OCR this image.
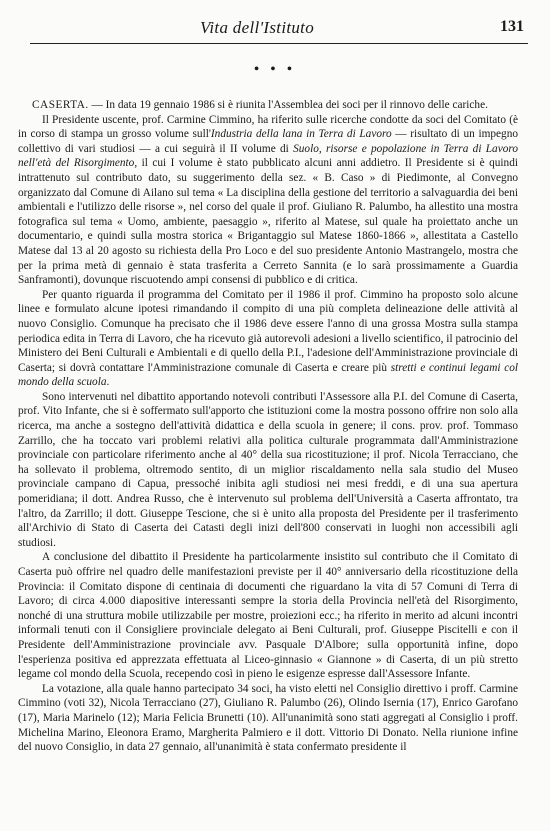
Vita dell'Istituto	131
• • •

CASERTA. — In data 19 gennaio 1986 si è riunita l'Assemblea dei soci per il rinnovo delle cariche.

Il Presidente uscente, prof. Carmine Cimmino, ha riferito sulle ricerche condotte da soci del Comitato (è in corso di stampa un grosso volume sull'Industria della lana in Terra di Lavoro — risultato di un impegno collettivo di vari studiosi — a cui seguirà il II volume di Suolo, risorse e popolazione in Terra di Lavoro nell'età del Risorgimento, il cui I volume è stato pubblicato alcuni anni addietro. Il Presidente si è quindi intrattenuto sul contributo dato, su suggerimento della sez. « B. Caso » di Piedimonte, al Convegno organizzato dal Comune di Ailano sul tema « La disciplina della gestione del territorio a salvaguardia dei beni ambientali e l'utilizzo delle risorse », nel corso del quale il prof. Giuliano R. Palumbo, ha allestito una mostra fotografica sul tema « Uomo, ambiente, paesaggio », riferito al Matese, sul quale ha proiettato anche un documentario, e quindi sulla mostra storica « Brigantaggio sul Matese 1860-1866 », allestitata a Castello Matese dal 13 al 20 agosto su richiesta della Pro Loco e del suo presidente Antonio Mastrangelo, mostra che per la prima metà di gennaio è stata trasferita a Cerreto Sannita (e lo sarà prossimamente a Guardia Sanframonti), dovunque riscuotendo ampi consensi di pubblico e di critica.

Per quanto riguarda il programma del Comitato per il 1986 il prof. Cimmino ha proposto solo alcune linee e formulato alcune ipotesi rimandando il compito di una più completa delineazione delle attività al nuovo Consiglio. Comunque ha precisato che il 1986 deve essere l'anno di una grossa Mostra sulla stampa periodica edita in Terra di Lavoro, che ha ricevuto già autorevoli adesioni a livello scientifico, il patrocinio del Ministero dei Beni Culturali e Ambientali e di quello della P.I., l'adesione dell'Amministrazione provinciale di Caserta; si dovrà contattare l'Amministrazione comunale di Caserta e creare più stretti e continui legami col mondo della scuola.

Sono intervenuti nel dibattito apportando notevoli contributi l'Assessore alla P.I. del Comune di Caserta, prof. Vito Infante, che si è soffermato sull'apporto che istituzioni come la mostra possono offrire non solo alla ricerca, ma anche a sostegno dell'attività didattica e della scuola in genere; il cons. prov. prof. Tommaso Zarrillo, che ha toccato vari problemi relativi alla politica culturale programmata dall'Amministrazione provinciale con particolare riferimento anche al 40° della sua ricostituzione; il prof. Nicola Terracciano, che ha sollevato il problema, oltremodo sentito, di un miglior riscaldamento nella sala studio del Museo provinciale campano di Capua, pressoché inibita agli studiosi nei mesi freddi, e di una sua apertura pomeridiana; il dott. Andrea Russo, che è intervenuto sul problema dell'Università a Caserta affrontato, tra l'altro, da Zarrillo; il dott. Giuseppe Tescione, che si è unito alla proposta del Presidente per il trasferimento all'Archivio di Stato di Caserta dei Catasti degli inizi dell'800 conservati in luoghi non accessibili agli studiosi.

A conclusione del dibattito il Presidente ha particolarmente insistito sul contributo che il Comitato di Caserta può offrire nel quadro delle manifestazioni previste per il 40° anniversario della ricostituzione della Provincia: il Comitato dispone di centinaia di documenti che riguardano la vita di 57 Comuni di Terra di Lavoro; di circa 4.000 diapositive interessanti sempre la storia della Provincia nell'età del Risorgimento, nonché di una struttura mobile utilizzabile per mostre, proiezioni ecc.; ha riferito in merito ad alcuni incontri informali tenuti con il Consigliere provinciale delegato ai Beni Culturali, prof. Giuseppe Piscitelli e con il Presidente dell'Amministrazione provinciale avv. Pasquale D'Albore; sulla opportunità infine, dopo l'esperienza positiva ed apprezzata effettuata al Liceo-ginnasio « Giannone » di Caserta, di un più stretto legame col mondo della Scuola, recependo così in pieno le esigenze espresse dall'Assessore Infante.

La votazione, alla quale hanno partecipato 34 soci, ha visto eletti nel Consiglio direttivo i proff. Carmine Cimmino (voti 32), Nicola Terracciano (27), Giuliano R. Palumbo (26), Olindo Isernia (17), Enrico Garofano (17), Maria Marinelo (12); Maria Felicia Brunetti (10). All'unanimità sono stati aggregati al Consiglio i proff. Michelina Marino, Eleonora Eramo, Margherita Palmiero e il dott. Vittorio Di Donato. Nella riunione infine del nuovo Consiglio, in data 27 gennaio, all'unanimità è stata confermato presidente il
